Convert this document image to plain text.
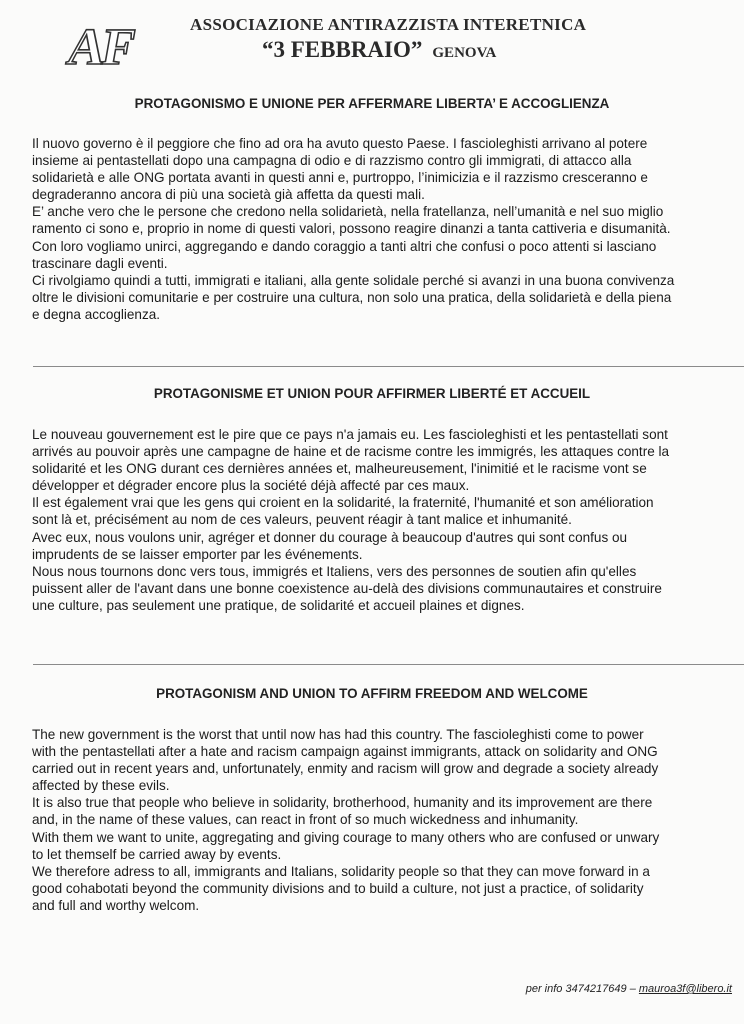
AF	ASSOCIAZIONE ANTIRAZZISTA INTERETNICA
“3 FEBBRAIO” GENOVA
PROTAGONISMO E UNIONE PER AFFERMARE LIBERTA’ E ACCOGLIENZA

Il nuovo governo è il peggiore che fino ad ora ha avuto questo Paese. I fascioleghisti arrivano al potere

insieme ai pentastellati dopo una campagna di odio e di razzismo contro gli immigrati, di attacco alla

solidarietà e alle ONG portata avanti in questi anni e, purtroppo, l’inimicizia e il razzismo cresceranno e

degraderanno ancora di più una società già affetta da questi mali.

E’ anche vero che le persone che credono nella solidarietà, nella fratellanza, nell’umanità e nel suo miglio

ramento ci sono e, proprio in nome di questi valori, possono reagire dinanzi a tanta cattiveria e disumanità.

Con loro vogliamo unirci, aggregando e dando coraggio a tanti altri che confusi o poco attenti si lasciano

trascinare dagli eventi.

Ci rivolgiamo quindi a tutti, immigrati e italiani, alla gente solidale perché si avanzi in una buona convivenza

oltre le divisioni comunitarie e per costruire una cultura, non solo una pratica, della solidarietà e della piena

e degna accoglienza.

PROTAGONISME ET UNION POUR AFFIRMER LIBERTÉ ET ACCUEIL

Le nouveau gouvernement est le pire que ce pays n'a jamais eu. Les fascioleghisti et les pentastellati sont

arrivés au pouvoir après une campagne de haine et de racisme contre les immigrés, les attaques contre la

solidarité et les ONG durant ces dernières années et, malheureusement, l'inimitié et le racisme vont se

développer et dégrader encore plus la société déjà affecté par ces maux.

Il est également vrai que les gens qui croient en la solidarité, la fraternité, l'humanité et son amélioration

sont là et, précisément au nom de ces valeurs, peuvent réagir à tant malice et inhumanité.

Avec eux, nous voulons unir, agréger et donner du courage à beaucoup d'autres qui sont confus ou

imprudents de se laisser emporter par les événements.

Nous nous tournons donc vers tous, immigrés et Italiens, vers des personnes de soutien afin qu'elles

puissent aller de l'avant dans une bonne coexistence au-delà des divisions communautaires et construire

une culture, pas seulement une pratique, de solidarité et accueil plaines et dignes.

PROTAGONISM AND UNION TO AFFIRM FREEDOM AND WELCOME

The new government is the worst that until now has had this country. The fascioleghisti come to power

with the pentastellati after a hate and racism campaign against immigrants, attack on solidarity and ONG

carried out in recent years and, unfortunately, enmity and racism will grow and degrade a society already

affected by these evils.

It is also true that people who believe in solidarity, brotherhood, humanity and its improvement are there

and, in the name of these values, can react in front of so much wickedness and inhumanity.

With them we want to unite, aggregating and giving courage to many others who are confused or unwary

to let themself be carried away by events.

We therefore adress to all, immigrants and Italians, solidarity people so that they can move forward in a

good cohabotati beyond the community divisions and to build a culture, not just a practice, of solidarity

and full and worthy welcom.

per info 3474217649 – mauroa3f@libero.it
